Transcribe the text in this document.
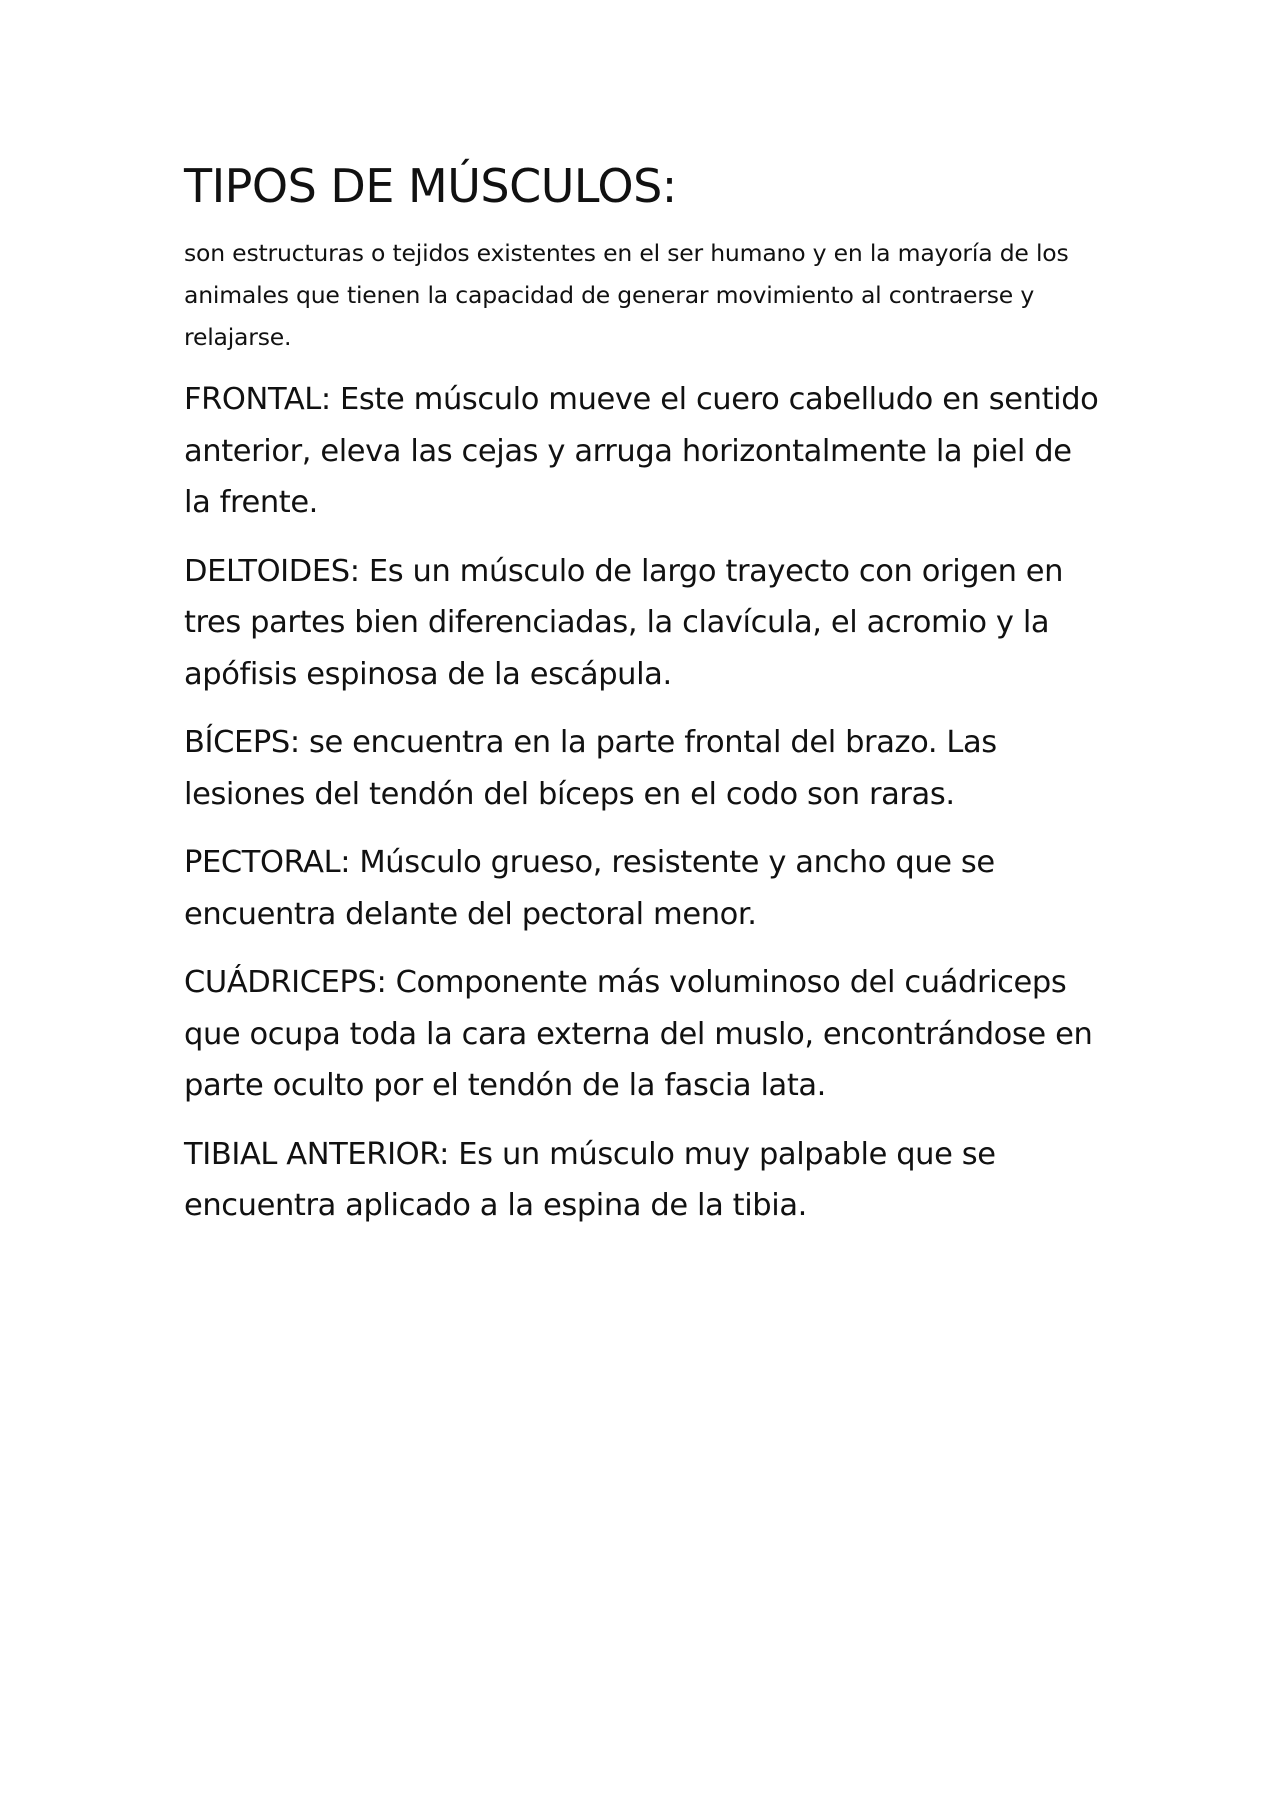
TIPOS DE MÚSCULOS:

son estructuras o tejidos existentes en el ser humano y en la mayoría de los animales que tienen la capacidad de generar movimiento al contraerse y relajarse.

FRONTAL: Este músculo mueve el cuero cabelludo en sentido anterior, eleva las cejas y arruga horizontalmente la piel de la frente.

DELTOIDES: Es un músculo de largo trayecto con origen en tres partes bien diferenciadas, la clavícula, el acromio y la apófisis espinosa de la escápula.

BÍCEPS: se encuentra en la parte frontal del brazo. Las lesiones del tendón del bíceps en el codo son raras.

PECTORAL: Músculo grueso, resistente y ancho que se encuentra delante del pectoral menor.

CUÁDRICEPS: Componente más voluminoso del cuádriceps que ocupa toda la cara externa del muslo, encontrándose en parte oculto por el tendón de la fascia lata.

TIBIAL ANTERIOR: Es un músculo muy palpable que se encuentra aplicado a la espina de la tibia.
